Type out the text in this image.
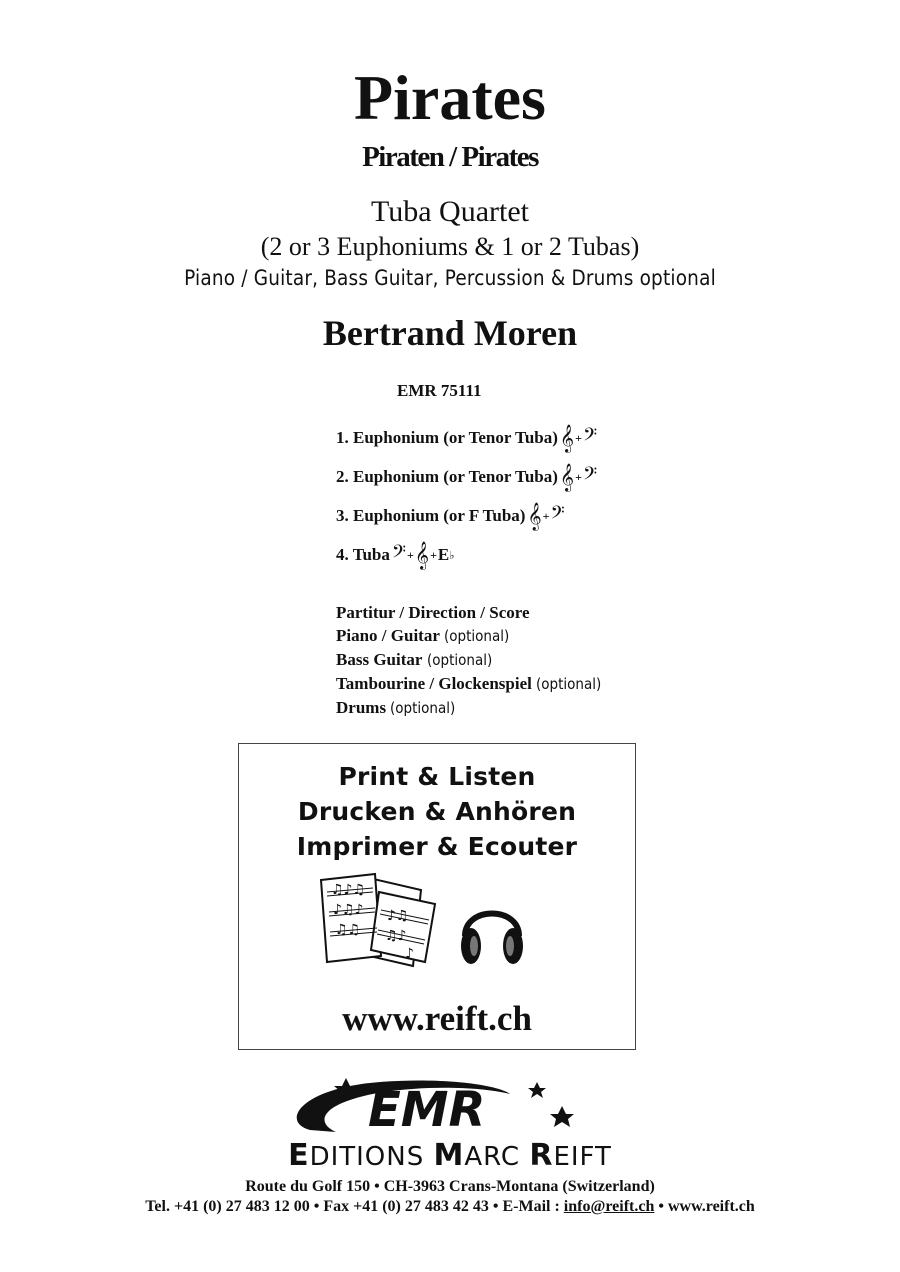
Pirates
Piraten / Pirates
Tuba Quartet
(2 or 3 Euphoniums & 1 or 2 Tubas)
Piano / Guitar, Bass Guitar, Percussion & Drums optional
Bertrand Moren
EMR 75111
1. Euphonium (or Tenor Tuba) 𝄞 + 𝄢
2. Euphonium (or Tenor Tuba) 𝄞 + 𝄢
3. Euphonium (or F Tuba) 𝄞 + 𝄢
4. Tuba 𝄢 + 𝄞 + E ♭
Partitur / Direction / Score
Piano / Guitar (optional)
Bass Guitar (optional)
Tambourine / Glockenspiel (optional)
Drums (optional)
Print & Listen
Drucken & Anhören
Imprimer & Ecouter
♫♪♫
♪♫♪
♫♫
♪♫
♫♪
♪
www.reift.ch
EMR
EDITIONS MARC REIFT
Route du Golf 150 • CH-3963 Crans-Montana (Switzerland)
Tel. +41 (0) 27 483 12 00 • Fax +41 (0) 27 483 42 43 • E-Mail : info@reift.ch • www.reift.ch
